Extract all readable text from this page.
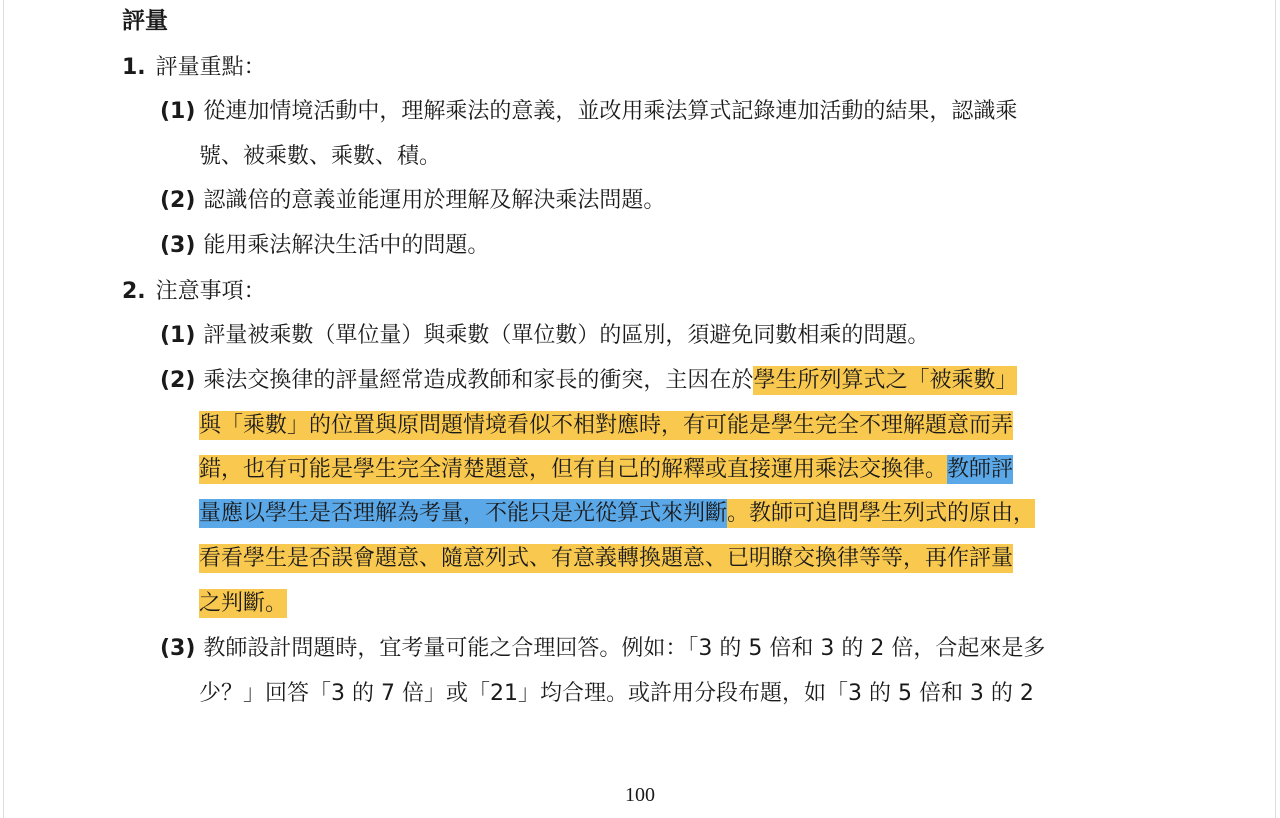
評量
1. 評量重點：
(1) 從連加情境活動中，理解乘法的意義，並改用乘法算式記錄連加活動的結果，認識乘
號、被乘數、乘數、積。
(2) 認識倍的意義並能運用於理解及解決乘法問題。
(3) 能用乘法解決生活中的問題。
2. 注意事項：
(1) 評量被乘數（單位量）與乘數（單位數）的區別，須避免同數相乘的問題。
(2) 乘法交換律的評量經常造成教師和家長的衝突，主因在於學生所列算式之「被乘數」
與「乘數」的位置與原問題情境看似不相對應時，有可能是學生完全不理解題意而弄
錯，也有可能是學生完全清楚題意，但有自己的解釋或直接運用乘法交換律。教師評
量應以學生是否理解為考量，不能只是光從算式來判斷。教師可追問學生列式的原由，
看看學生是否誤會題意、隨意列式、有意義轉換題意、已明瞭交換律等等，再作評量
之判斷。
(3) 教師設計問題時，宜考量可能之合理回答。例如：「3 的 5 倍和 3 的 2 倍，合起來是多
少？」回答「3 的 7 倍」或「21」均合理。或許用分段布題，如「3 的 5 倍和 3 的 2
100
